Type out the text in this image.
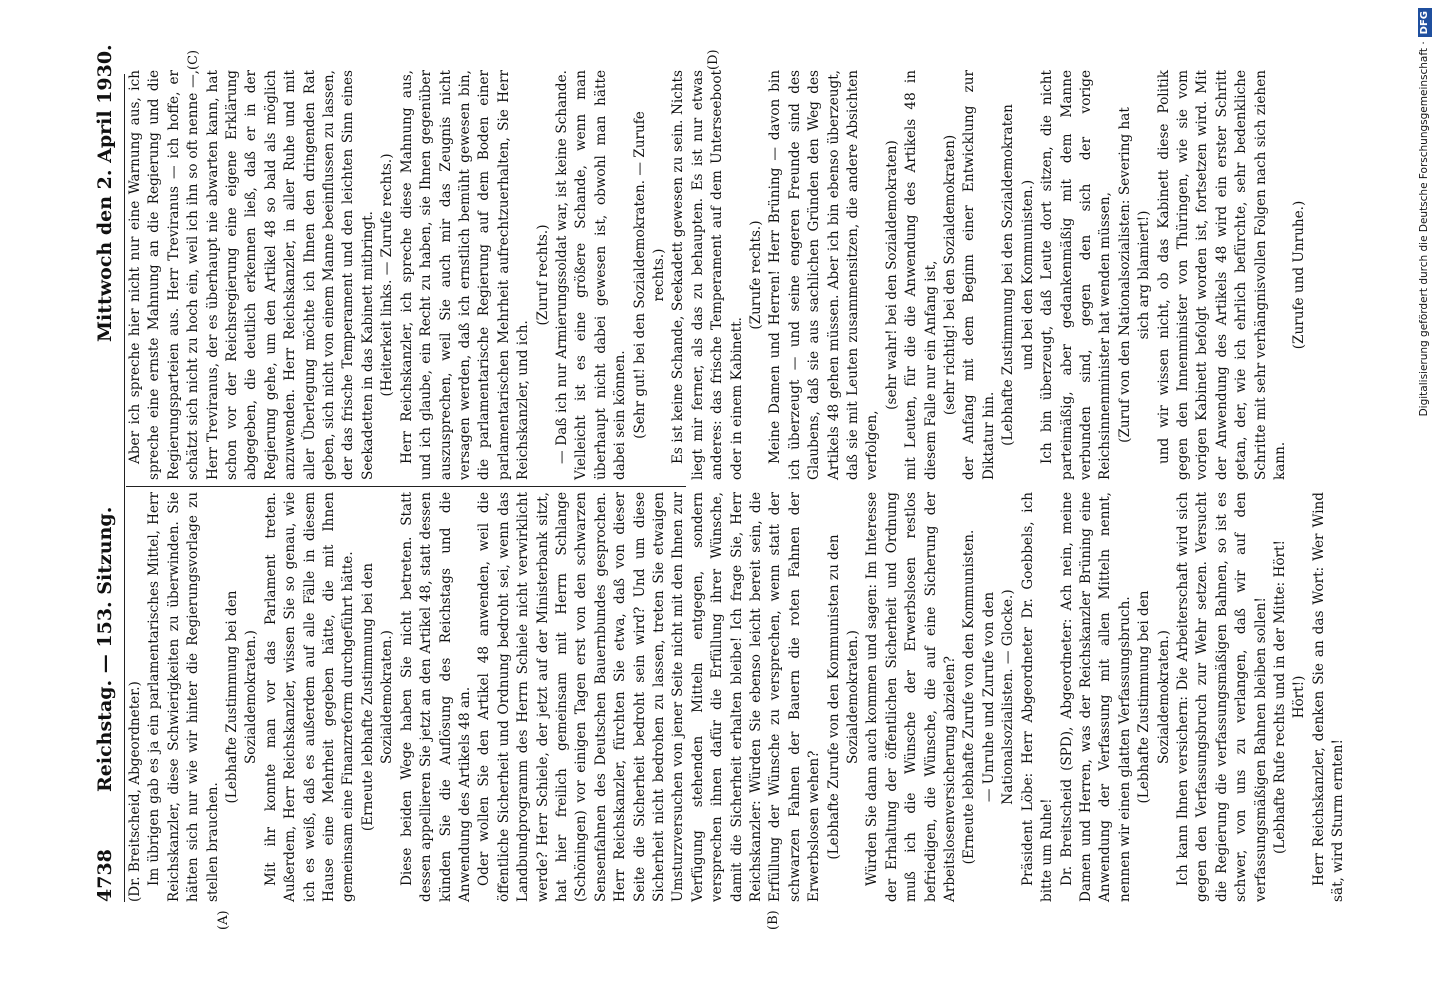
4738
Reichstag. — 153. Sitzung.
Mittwoch den 2. April 1930.

(Dr. Breitscheid, Abgeordneter.) Im übrigen gab es ja ein parlamentarisches Mittel, Herr Reichskanzler, diese Schwierigkeiten zu überwinden. Sie hätten sich nur wie wir hinter die Regierungsvorlage zu stellen brauchen.

(Lebhafte Zustimmung bei den Sozialdemokraten.) Mit ihr konnte man vor das Parlament treten. Außerdem, Herr Reichskanzler, wissen Sie so genau, wie ich es weiß, daß es außerdem auf alle Fälle in diesem Hause eine Mehrheit gegeben hätte, die mit Ihnen gemeinsam eine Finanzreform durchgeführt hätte. (Erneute lebhafte Zustimmung bei den Sozialdemokraten.) Diese beiden Wege haben Sie nicht betreten. Statt dessen appellieren Sie jetzt an den Artikel 48, statt dessen künden Sie die Auflösung des Reichstags und die Anwendung des Artikels 48 an. Oder wollen Sie den Artikel 48 anwenden, weil die öffentliche Sicherheit und Ordnung bedroht sei, wenn das Landbundprogramm des Herrn Schiele nicht verwirklicht werde? Herr Schiele, der jetzt auf der Ministerbank sitzt, hat hier freilich gemeinsam mit Herrn Schlange (Schöningen) vor einigen Tagen erst von den schwarzen Sensenfahnen des Deutschen Bauernbundes gesprochen. Herr Reichskanzler, fürchten Sie etwa, daß von dieser Seite die Sicherheit bedroht sein wird? Und um diese Sicherheit nicht bedrohen zu lassen, treten Sie etwaigen Umsturzversuchen von jener Seite nicht mit den Ihnen zur Verfügung stehenden Mitteln entgegen, sondern versprechen ihnen dafür die Erfüllung ihrer Wünsche, damit die Sicherheit erhalten bleibe! Ich frage Sie, Herr Reichskanzler: Würden Sie ebenso leicht bereit sein, die Erfüllung der Wünsche zu versprechen, wenn statt der schwarzen Fahnen der Bauern die roten Fahnen der Erwerbslosen wehen? (Lebhafte Zurufe von den Kommunisten zu den Sozialdemokraten.) Würden Sie dann auch kommen und sagen: Im Interesse der Erhaltung der öffentlichen Sicherheit und Ordnung muß ich die Wünsche der Erwerbslosen restlos befriedigen, die Wünsche, die auf eine Sicherung der Arbeitslosenversicherung abzielen? (Erneute lebhafte Zurufe von den Kommunisten. — Unruhe und Zurufe von den Nationalsozialisten. — Glocke.) Präsident Löbe: Herr Abgeordneter Dr. Goebbels, ich bitte um Ruhe! Dr. Breitscheid (SPD), Abgeordneter: Ach nein, meine Damen und Herren, was der Reichskanzler Brüning eine Anwendung der Verfassung mit allen Mitteln nennt, nennen wir einen glatten Verfassungsbruch. (Lebhafte Zustimmung bei den Sozialdemokraten.) Ich kann Ihnen versichern: Die Arbeiterschaft wird sich gegen den Verfassungsbruch zur Wehr setzen. Versucht die Regierung die verfassungsmäßigen Bahnen, so ist es schwer, von uns zu verlangen, daß wir auf den verfassungsmäßigen Bahnen bleiben sollen! (Lebhafte Rufe rechts und in der Mitte: Hört! Hört!) Herr Reichskanzler, denken Sie an das Wort: Wer Wind sät, wird Sturm ernten!

Aber ich spreche hier nicht nur eine Warnung aus, ich spreche eine ernste Mahnung an die Regierung und die Regierungsparteien aus. Herr Treviranus — ich hoffe, er schätzt sich nicht zu hoch ein, weil ich ihn so oft nenne —, Herr Treviranus, der es überhaupt nie abwarten kann, hat schon vor der Reichsregierung eine eigene Erklärung abgegeben, die deutlich erkennen ließ, daß er in der Regierung gehe, um den Artikel 48 so bald als möglich anzuwenden. Herr Reichskanzler, in aller Ruhe und mit aller Überlegung möchte ich Ihnen den dringenden Rat geben, sich nicht von einem Manne beeinflussen zu lassen, der das frische Temperament und den leichten Sinn eines Seekadetten in das Kabinett mitbringt. (Heiterkeit links. — Zurufe rechts.) Herr Reichskanzler, ich spreche diese Mahnung aus, und ich glaube, ein Recht zu haben, sie Ihnen gegenüber auszusprechen, weil Sie auch mir das Zeugnis nicht versagen werden, daß ich ernstlich bemüht gewesen bin, die parlamentarische Regierung auf dem Boden einer parlamentarischen Mehrheit aufrechtzuerhalten, Sie Herr Reichskanzler, und ich.

(Zuruf rechts.) — Daß ich nur Armierungssoldat war, ist keine Schande. Vielleicht ist es eine größere Schande, wenn man überhaupt nicht dabei gewesen ist, obwohl man hätte dabei sein können. (Sehr gut! bei den Sozialdemokraten. — Zurufe rechts.) Es ist keine Schande, Seekadett gewesen zu sein. Nichts liegt mir ferner, als das zu behaupten. Es ist nur etwas anderes: das frische Temperament auf dem Unterseeboot oder in einem Kabinett.

(Zurufe rechts.) Meine Damen und Herren! Herr Brüning — davon bin ich überzeugt — und seine engeren Freunde sind des Glaubens, daß sie aus sachlichen Gründen den Weg des Artikels 48 gehen müssen. Aber ich bin ebenso überzeugt, daß sie mit Leuten zusammensitzen, die andere Absichten verfolgen,

(sehr wahr! bei den Sozialdemokraten) mit Leuten, für die die Anwendung des Artikels 48 in diesem Falle nur ein Anfang ist, (sehr richtig! bei den Sozialdemokraten) der Anfang mit dem Beginn einer Entwicklung zur Diktatur hin. (Lebhafte Zustimmung bei den Sozialdemokraten und bei den Kommunisten.) Ich bin überzeugt, daß Leute dort sitzen, die nicht parteimäßig, aber gedankenmäßig mit dem Manne verbunden sind, gegen den sich der vorige Reichsinnenminister hat wenden müssen, (Zuruf von den Nationalsozialisten: Severing hat sich arg blamiert!) und wir wissen nicht, ob das Kabinett diese Politik gegen den Innenminister von Thüringen, wie sie vom vorigen Kabinett befolgt worden ist, fortsetzen wird. Mit der Anwendung des Artikels 48 wird ein erster Schritt getan, der, wie ich ehrlich befürchte, sehr bedenkliche Schritte mit sehr verhängnisvollen Folgen nach sich ziehen kann.

(Zurufe und Unruhe.)

(A)	(B)
(C)	(D)	Digitalisierung gefördert durch die Deutsche Forschungsgemeinschaft ·DFG
